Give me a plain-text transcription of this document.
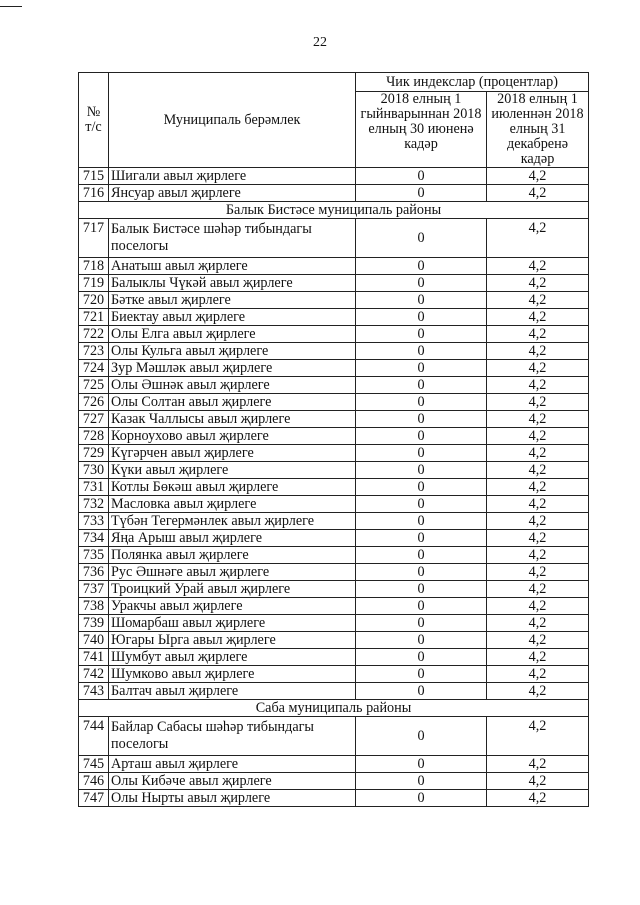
22
№
т/с	Муниципаль берәмлек	Чик индекслар (процентлар)	
		2018 елның 1 гыйнварыннан 2018 елның 30 июненә кадәр	2018 елның 1 июленнән 2018 елның 31 декабренә кадәр
715	Шигали авыл җирлеге	0	4,2
716	Янсуар авыл җирлеге	0	4,2
Балык Бистәсе муниципаль районы			
717	Балык Бистәсе шәһәр тибындагы поселогы	0	4,2
718	Анатыш авыл җирлеге	0	4,2
719	Балыклы Чүкәй авыл җирлеге	0	4,2
720	Бәтке авыл җирлеге	0	4,2
721	Биектау авыл җирлеге	0	4,2
722	Олы Елга авыл җирлеге	0	4,2
723	Олы Кульга авыл җирлеге	0	4,2
724	Зур Мәшләк авыл җирлеге	0	4,2
725	Олы Әшнәк авыл җирлеге	0	4,2
726	Олы Солтан авыл җирлеге	0	4,2
727	Казак Чаллысы авыл җирлеге	0	4,2
728	Корноухово авыл җирлеге	0	4,2
729	Күгәрчен авыл җирлеге	0	4,2
730	Күки авыл җирлеге	0	4,2
731	Котлы Бөкәш авыл җирлеге	0	4,2
732	Масловка авыл җирлеге	0	4,2
733	Түбән Тегермәнлек авыл җирлеге	0	4,2
734	Яңа Арыш авыл җирлеге	0	4,2
735	Полянка авыл җирлеге	0	4,2
736	Рус Әшнәге авыл җирлеге	0	4,2
737	Троицкий Урай авыл җирлеге	0	4,2
738	Уракчы авыл җирлеге	0	4,2
739	Шомарбаш авыл җирлеге	0	4,2
740	Югары Ырга авыл җирлеге	0	4,2
741	Шумбут авыл җирлеге	0	4,2
742	Шумково авыл җирлеге	0	4,2
743	Балтач авыл җирлеге	0	4,2
Саба муниципаль районы			
744	Байлар Сабасы шәһәр тибындагы поселогы	0	4,2
745	Арташ авыл җирлеге	0	4,2
746	Олы Кибәче авыл җирлеге	0	4,2
747	Олы Нырты авыл җирлеге	0	4,2
